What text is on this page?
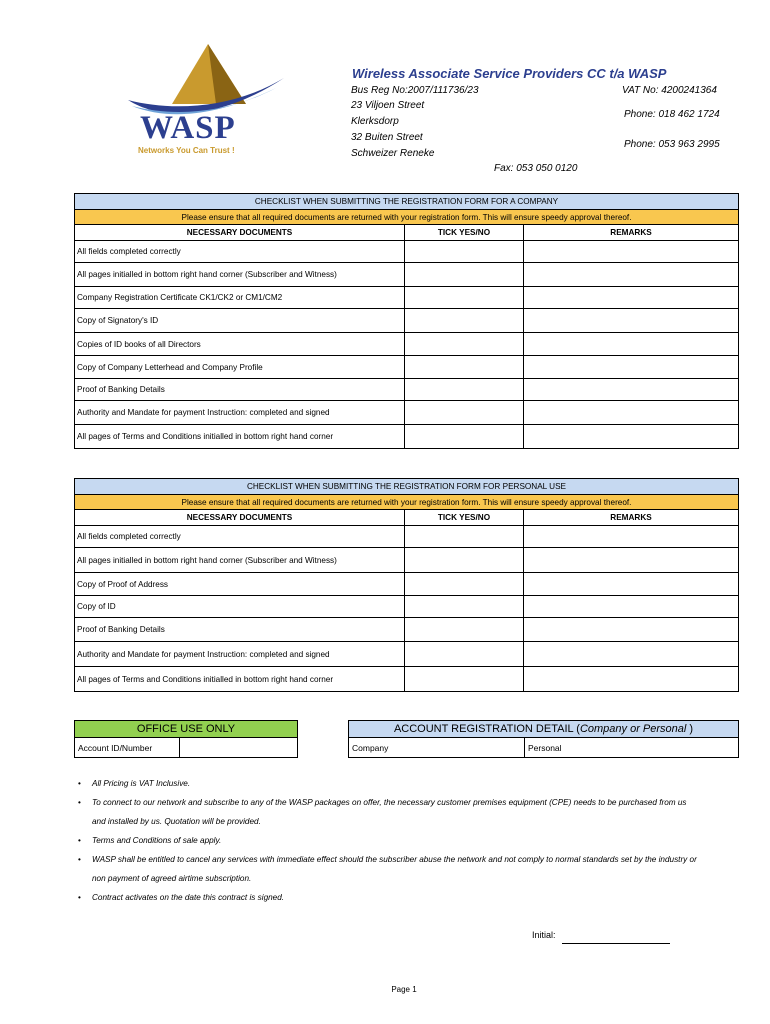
WASP
Networks You Can Trust !
Wireless Associate Service Providers CC t/a WASP
Bus Reg No:2007/111736/23
23 Viljoen Street
Klerksdorp
32 Buiten Street
Schweizer Reneke
VAT No: 4200241364
Phone: 018 462 1724
Phone: 053 963 2995
Fax: 053 050 0120
CHECKLIST WHEN SUBMITTING THE REGISTRATION FORM FOR A COMPANY		
Please ensure that all required documents are returned with your registration form. This will ensure speedy approval thereof.		
NECESSARY DOCUMENTS	TICK YES/NO	REMARKS
All fields completed correctly		
All pages initialled in bottom right hand corner (Subscriber and Witness)		
Company Registration Certificate CK1/CK2 or CM1/CM2		
Copy of Signatory's ID		
Copies of ID books of all Directors		
Copy of Company Letterhead and Company Profile		
Proof of Banking Details		
Authority and Mandate for payment Instruction: completed and signed		
All pages of Terms and Conditions initialled in bottom right hand corner		
CHECKLIST WHEN SUBMITTING THE REGISTRATION FORM FOR PERSONAL USE		
Please ensure that all required documents are returned with your registration form. This will ensure speedy approval thereof.		
NECESSARY DOCUMENTS	TICK YES/NO	REMARKS
All fields completed correctly		
All pages initialled in bottom right hand corner (Subscriber and Witness)		
Copy of Proof of Address		
Copy of ID		
Proof of Banking Details		
Authority and Mandate for payment Instruction: completed and signed		
All pages of Terms and Conditions initialled in bottom right hand corner		
OFFICE USE ONLY
Account ID/Number	
ACCOUNT REGISTRATION DETAIL (Company or Personal )
Company	Personal
• All Pricing is VAT Inclusive.
• To connect to our network and subscribe to any of the WASP packages on offer, the necessary customer premises equipment (CPE) needs to be purchased from us and installed by us. Quotation will be provided.
• Terms and Conditions of sale apply.
• WASP shall be entitled to cancel any services with immediate effect should the subscriber abuse the network and not comply to normal standards set by the industry or non payment of agreed airtime subscription.
• Contract activates on the date this contract is signed.
Initial:
Page 1
